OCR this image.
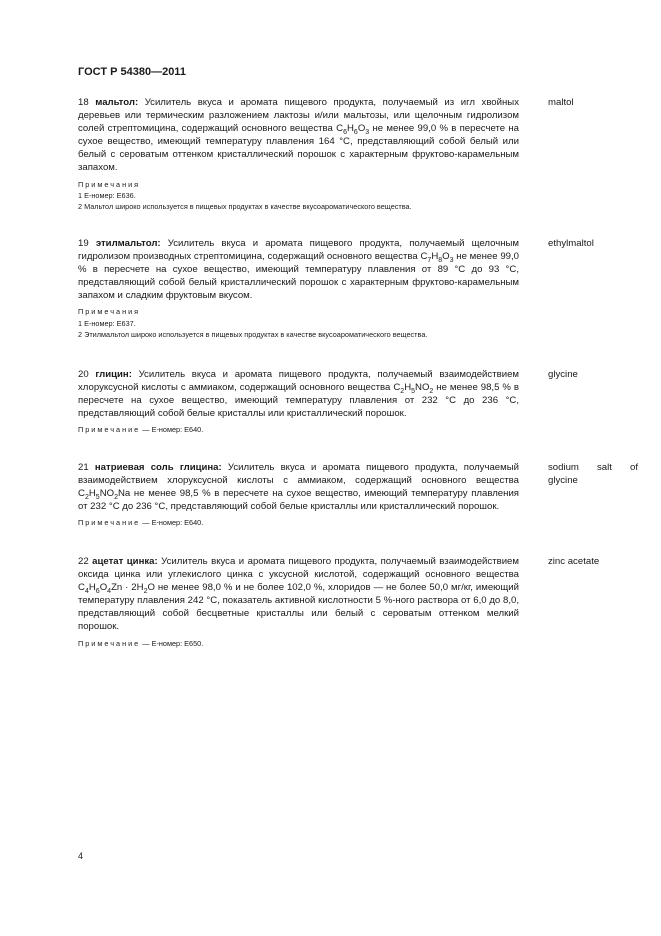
ГОСТ Р 54380—2011
maltol
18 мальтол: Усилитель вкуса и аромата пищевого продукта, получаемый из игл хвойных деревьев или термическим разложением лактозы и/или мальтозы, или щелочным гидролизом солей стрептомицина, содержащий основного вещества $C_6H_6O_3$ не менее 99,0 % в пересчете на сухое вещество, имеющий температуру плавления 164 °С, представляющий собой белый или белый с сероватым оттенком кристаллический порошок с характерным фруктово-карамельным запахом.
Примечания
1 Е-номер: Е636.
2 Мальтол широко используется в пищевых продуктах в качестве вкусоароматического вещества.
ethylmaltol
19 этилмальтол: Усилитель вкуса и аромата пищевого продукта, получаемый щелочным гидролизом производных стрептомицина, содержащий основного вещества $C_7H_8O_3$ не менее 99,0 % в пересчете на сухое вещество, имеющий температуру плавления от 89 °С до 93 °С, представляющий собой белый кристаллический порошок с характерным фруктово-карамельным запахом и сладким фруктовым вкусом.
Примечания
1 Е-номер: Е637.
2 Этилмальтол широко используется в пищевых продуктах в качестве вкусоароматического вещества.
glycine
20 глицин: Усилитель вкуса и аромата пищевого продукта, получаемый взаимодействием хлоруксусной кислоты с аммиаком, содержащий основного вещества $C_2H_5NO_2$ не менее 98,5 % в пересчете на сухое вещество, имеющий температуру плавления от 232 °С до 236 °С, представляющий собой белые кристаллы или кристаллический порошок.
Примечание — Е-номер: Е640.
sodium salt of glycine
21 натриевая соль глицина: Усилитель вкуса и аромата пищевого продукта, получаемый взаимодействием хлоруксусной кислоты с аммиаком, содержащий основного вещества $C_2H_5NO_2Na$ не менее 98,5 % в пересчете на сухое вещество, имеющий температуру плавления от 232 °С до 236 °С, представляющий собой белые кристаллы или кристаллический порошок.
Примечание — Е-номер: Е640.
zinc acetate
22 ацетат цинка: Усилитель вкуса и аромата пищевого продукта, получаемый взаимодействием оксида цинка или углекислого цинка с уксусной кислотой, содержащий основного вещества $C_4H_6O_4Zn \cdot 2H_2O$ не менее 98,0 % и не более 102,0 %, хлоридов — не более 50,0 мг/кг, имеющий температуру плавления 242 °С, показатель активной кислотности 5 %-ного раствора от 6,0 до 8,0, представляющий собой бесцветные кристаллы или белый с сероватым оттенком мелкий порошок.
Примечание — Е-номер: Е650.
4
